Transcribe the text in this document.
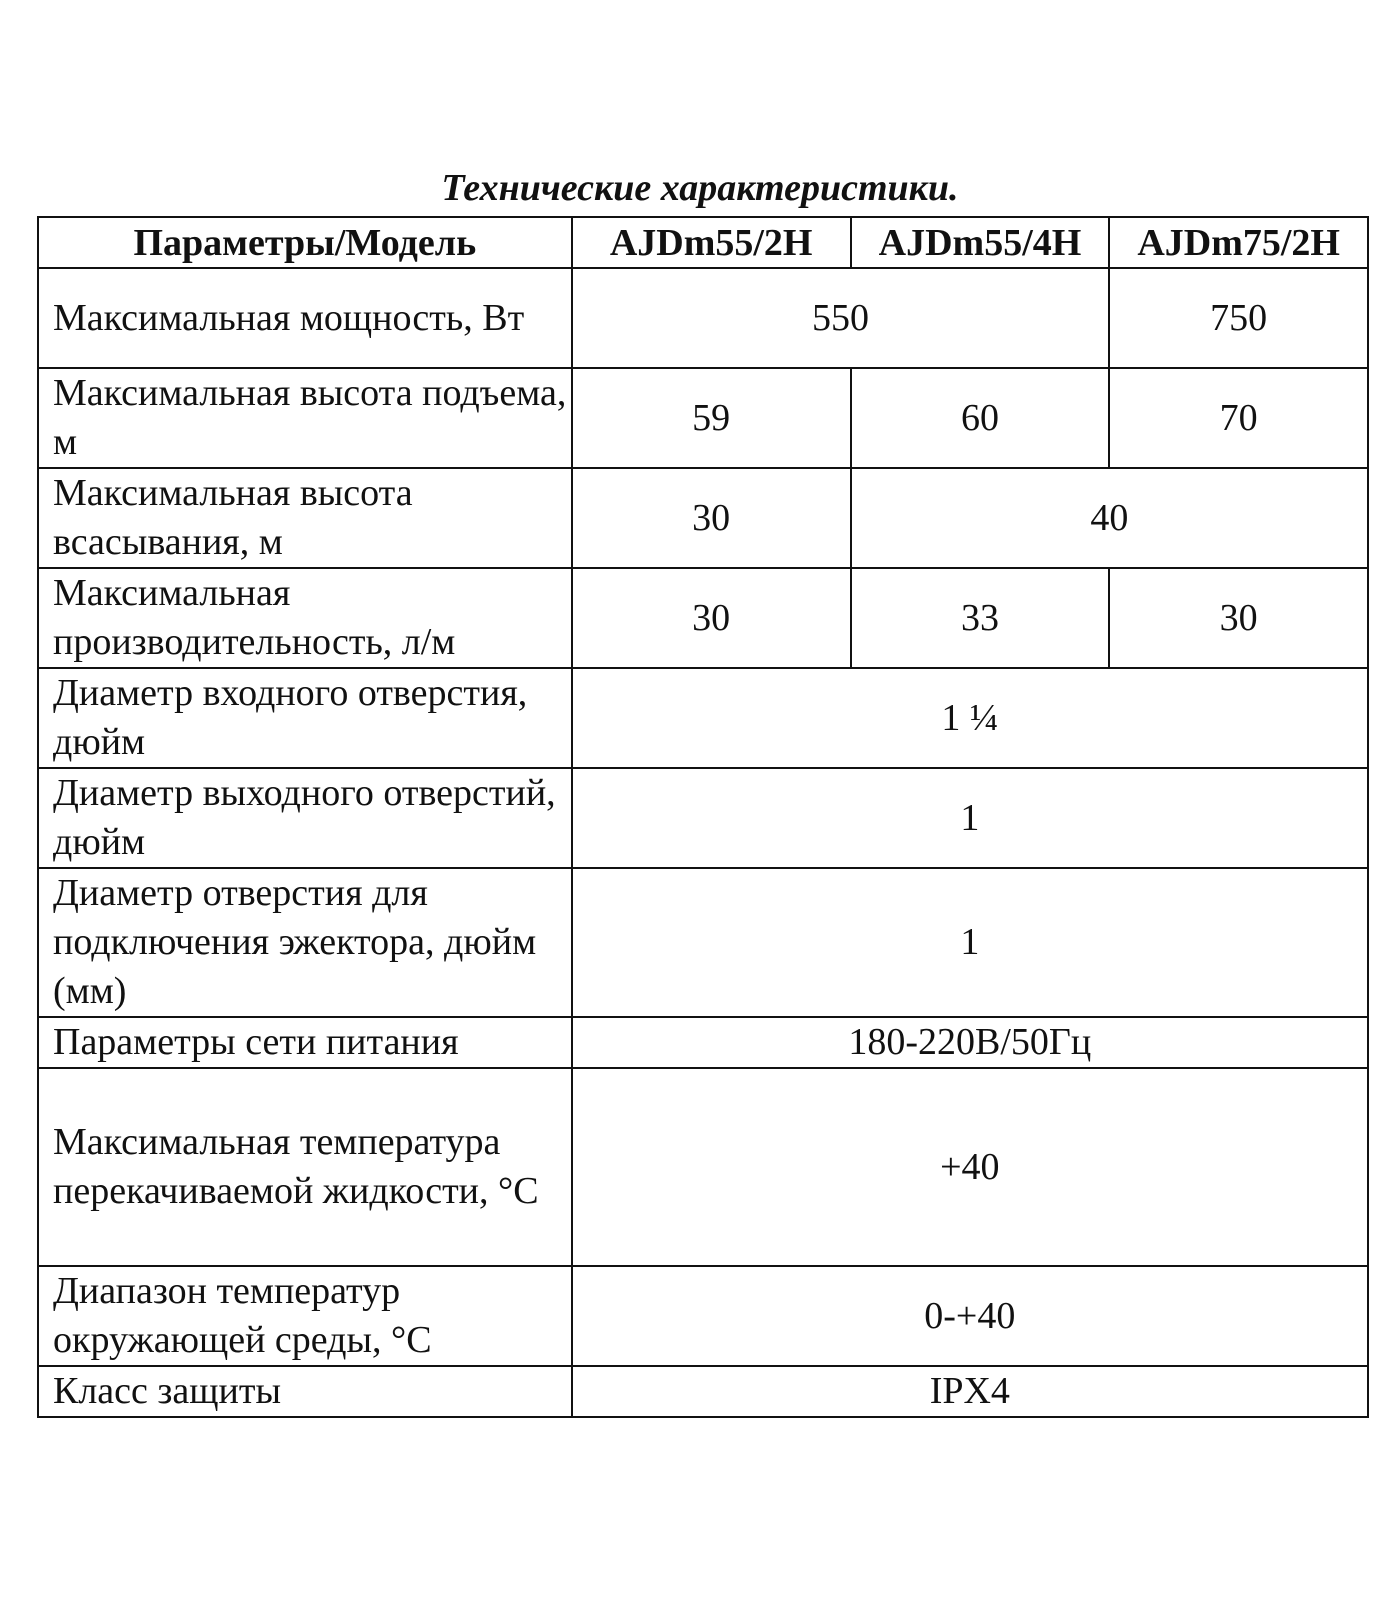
Технические характеристики.
Параметры/Модель	AJDm55/2H	AJDm55/4H	AJDm75/2H
Максимальная мощность, Вт	550		750
Максимальная высота подъема, м	59	60	70
Максимальная высота всасывания, м	30	40	
Максимальная производительность, л/м	30	33	30
Диаметр входного отверстия, дюйм	1 ¼		
Диаметр выходного отверстий, дюйм	1		
Диаметр отверстия для подключения эжектора, дюйм (мм)	1		
Параметры сети питания	180-220В/50Гц		
Максимальная температура перекачиваемой жидкости, °С	+40		
Диапазон температур окружающей среды, °С	0-+40		
Класс защиты	IPX4		
